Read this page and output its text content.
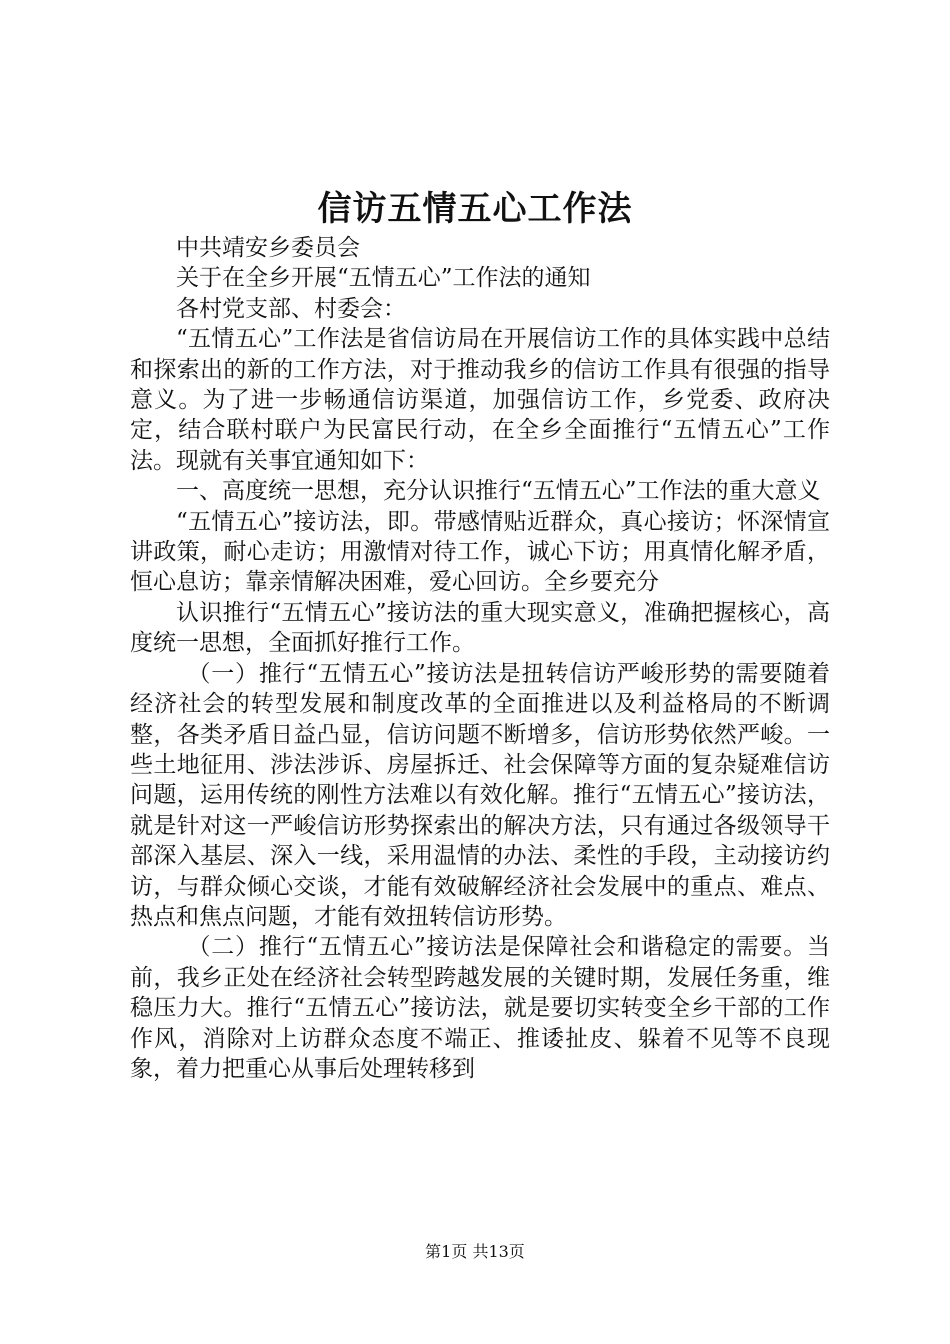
信访五情五心工作法

中共靖安乡委员会

关于在全乡开展“五情五心”工作法的通知

各村党支部、村委会：

“五情五心”工作法是省信访局在开展信访工作的具体实践中总结和探索出的新的工作方法，对于推动我乡的信访工作具有很强的指导意义。为了进一步畅通信访渠道，加强信访工作，乡党委、政府决定，结合联村联户为民富民行动，在全乡全面推行“五情五心”工作法。现就有关事宜通知如下：

一、高度统一思想，充分认识推行“五情五心”工作法的重大意义

“五情五心”接访法，即。带感情贴近群众，真心接访；怀深情宣讲政策，耐心走访；用激情对待工作，诚心下访；用真情化解矛盾，恒心息访；靠亲情解决困难，爱心回访。全乡要充分

认识推行“五情五心”接访法的重大现实意义，准确把握核心，高度统一思想，全面抓好推行工作。

（一）推行“五情五心”接访法是扭转信访严峻形势的需要随着经济社会的转型发展和制度改革的全面推进以及利益格局的不断调整，各类矛盾日益凸显，信访问题不断增多，信访形势依然严峻。一些土地征用、涉法涉诉、房屋拆迁、社会保障等方面的复杂疑难信访问题，运用传统的刚性方法难以有效化解。推行“五情五心”接访法，就是针对这一严峻信访形势探索出的解决方法，只有通过各级领导干部深入基层、深入一线，采用温情的办法、柔性的手段，主动接访约访，与群众倾心交谈，才能有效破解经济社会发展中的重点、难点、热点和焦点问题，才能有效扭转信访形势。

（二）推行“五情五心”接访法是保障社会和谐稳定的需要。当前，我乡正处在经济社会转型跨越发展的关键时期，发展任务重，维稳压力大。推行“五情五心”接访法，就是要切实转变全乡干部的工作作风，消除对上访群众态度不端正、推诿扯皮、躲着不见等不良现象，着力把重心从事后处理转移到

第1页 共13页
